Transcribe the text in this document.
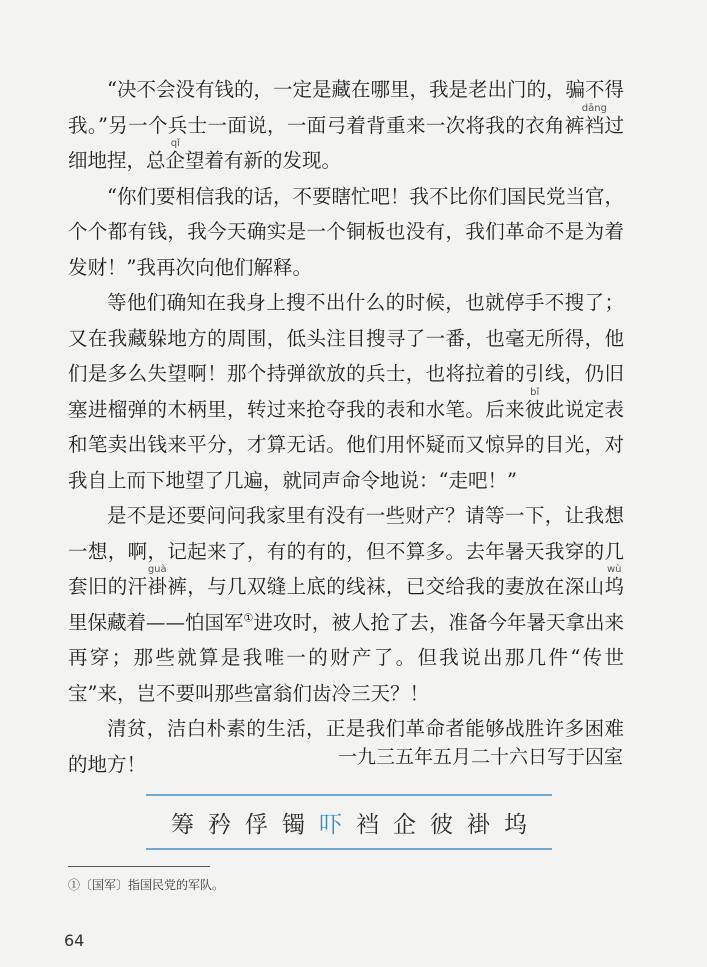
“决不会没有钱的，一定是藏在哪里，我是老出门的，骗不得我。”另一个兵士一面说，一面弓着背重来一次将我的衣角裤裆dāng过细地捏，总企qǐ望着有新的发现。

“你们要相信我的话，不要瞎忙吧！我不比你们国民党当官，个个都有钱，我今天确实是一个铜板也没有，我们革命不是为着发财！”我再次向他们解释。

等他们确知在我身上搜不出什么的时候，也就停手不搜了；又在我藏躲地方的周围，低头注目搜寻了一番，也毫无所得，他们是多么失望啊！那个持弹欲放的兵士，也将拉着的引线，仍旧塞进榴弹的木柄里，转过来抢夺我的表和水笔。后来彼bǐ此说定表和笔卖出钱来平分，才算无话。他们用怀疑而又惊异的目光，对我自上而下地望了几遍，就同声命令地说：“走吧！”

是不是还要问问我家里有没有一些财产？请等一下，让我想一想，啊，记起来了，有的有的，但不算多。去年暑天我穿的几套旧的汗褂guà裤，与几双缝上底的线袜，已交给我的妻放在深山坞wù里保藏着——怕国军①进攻时，被人抢了去，准备今年暑天拿出来再穿；那些就算是我唯一的财产了。但我说出那几件“传世宝”来，岂不要叫那些富翁们齿冷三天？！

清贫，洁白朴素的生活，正是我们革命者能够战胜许多困难的地方！	一九三五年五月二十六日写于囚室
筹 矜 俘 镯 吓 裆 企 彼 褂 坞
①〔国军〕指国民党的军队。
64
